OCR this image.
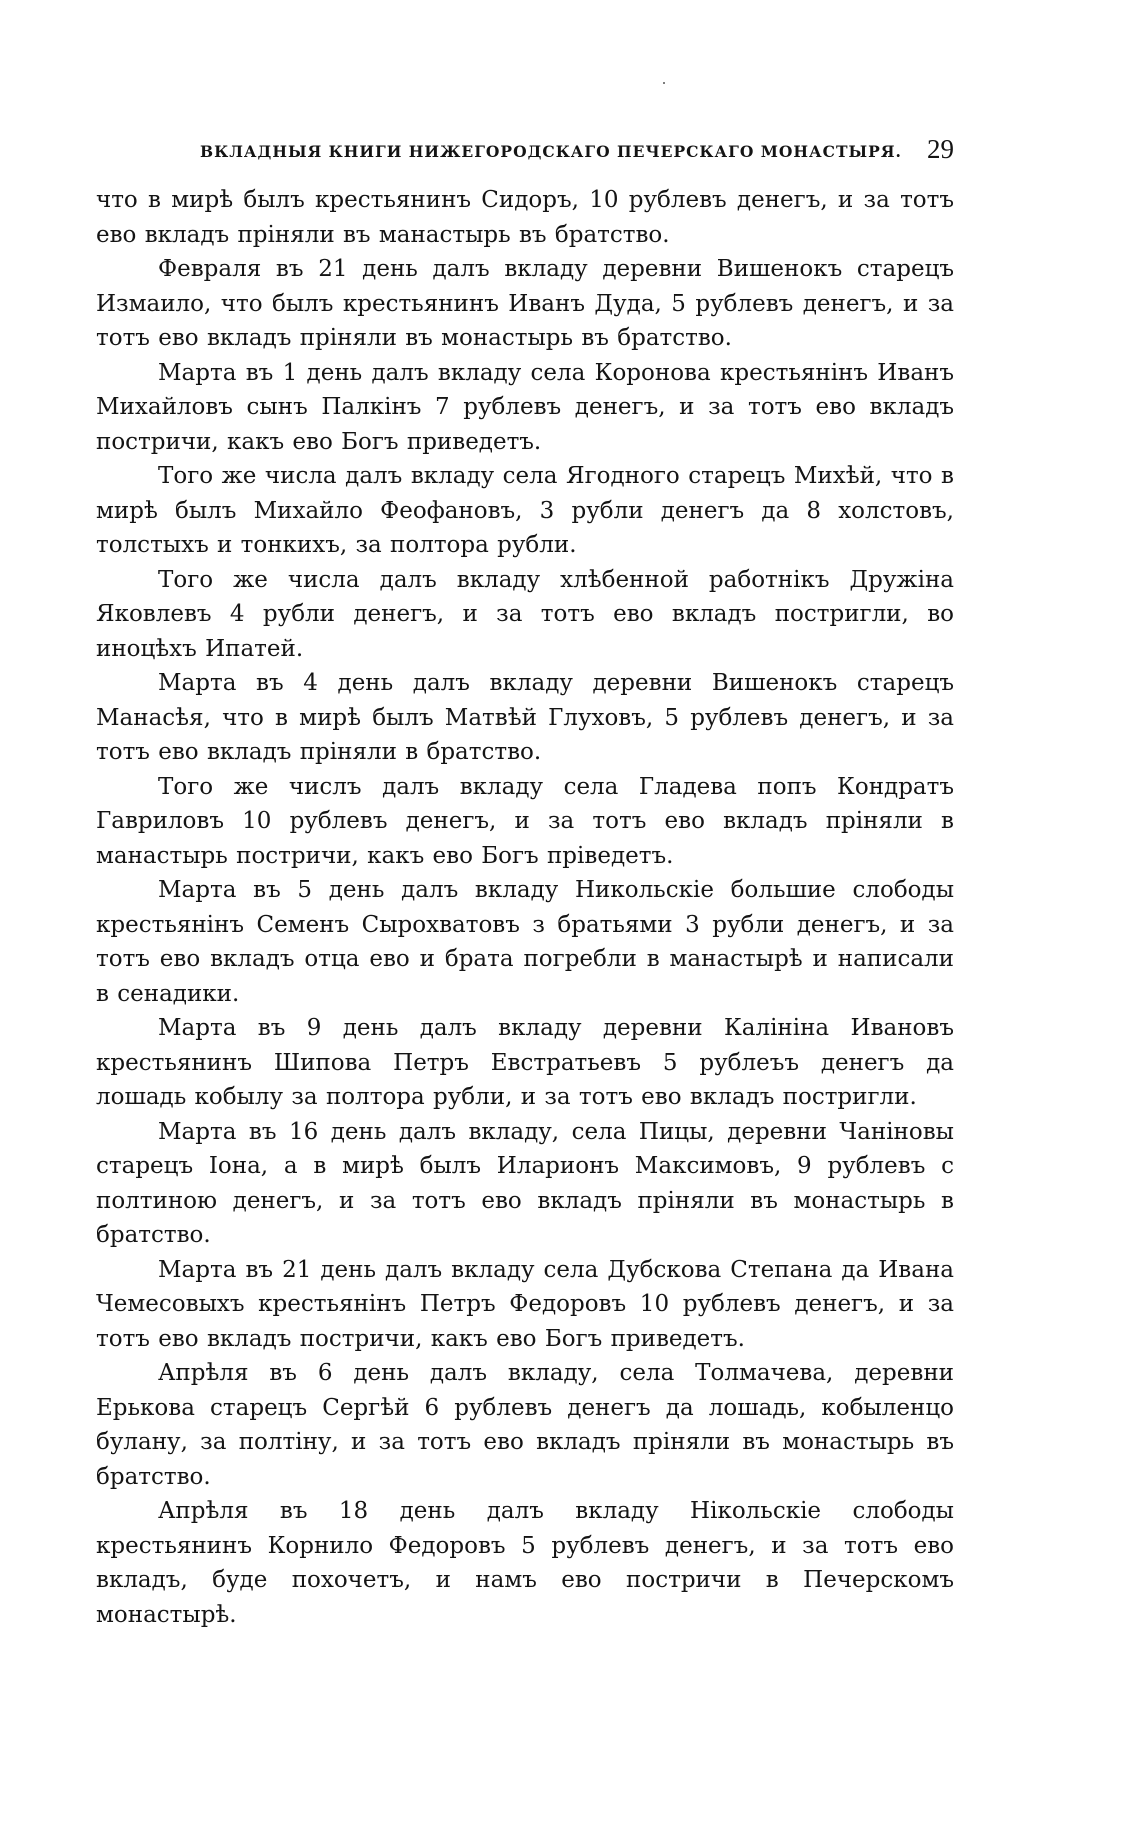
ВКЛАДНЫЯ КНИГИ НИЖЕГОРОДСКАГО ПЕЧЕРСКАГО МОНАСТЫРЯ. 29

что в мирѣ былъ крестьянинъ Сидоръ, 10 рублевъ денегъ, и за тотъ ево вкладъ пріняли въ манастырь въ братство.

Февраля въ 21 день далъ вкладу деревни Вишенокъ старецъ Измаило, что былъ крестьянинъ Иванъ Дуда, 5 рублевъ денегъ, и за тотъ ево вкладъ пріняли въ монастырь въ братство.

Марта въ 1 день далъ вкладу села Коронова крестьянінъ Иванъ Михайловъ сынъ Палкінъ 7 рублевъ денегъ, и за тотъ ево вкладъ постричи, какъ ево Богъ приведетъ.

Того же числа далъ вкладу села Ягодного старецъ Михѣй, что в мирѣ былъ Михайло Феофановъ, 3 рубли денегъ да 8 холстовъ, толстыхъ и тонкихъ, за полтора рубли.

Того же числа далъ вкладу хлѣбенной работнікъ Дружіна Яковлевъ 4 рубли денегъ, и за тотъ ево вкладъ постригли, во иноцѣхъ Ипатей.

Марта въ 4 день далъ вкладу деревни Вишенокъ старецъ Манасѣя, что в мирѣ былъ Матвѣй Глуховъ, 5 рублевъ денегъ, и за тотъ ево вкладъ пріняли в братство.

Того же числъ далъ вкладу села Гладева попъ Кондратъ Гавриловъ 10 рублевъ денегъ, и за тотъ ево вкладъ пріняли в манастырь постричи, какъ ево Богъ пріведетъ.

Марта въ 5 день далъ вкладу Никольскіе большие слободы крестьянінъ Семенъ Сырохватовъ з братьями 3 рубли денегъ, и за тотъ ево вкладъ отца ево и брата погребли в манастырѣ и написали в сенадики.

Марта въ 9 день далъ вкладу деревни Калініна Ивановъ крестьянинъ Шипова Петръ Евстратьевъ 5 рублеъъ денегъ да лошадь кобылу за полтора рубли, и за тотъ ево вкладъ постригли.

Марта въ 16 день далъ вкладу, села Пицы, деревни Чаніновы старецъ Іона, а в мирѣ былъ Иларионъ Максимовъ, 9 рублевъ с полтиною денегъ, и за тотъ ево вкладъ пріняли въ монастырь в братство.

Марта въ 21 день далъ вкладу села Дубскова Степана да Ивана Чемесовыхъ крестьянінъ Петръ Федоровъ 10 рублевъ денегъ, и за тотъ ево вкладъ постричи, какъ ево Богъ приведетъ.

Апрѣля въ 6 день далъ вкладу, села Толмачева, деревни Ерькова старецъ Сергѣй 6 рублевъ денегъ да лошадь, кобыленцо булану, за полтіну, и за тотъ ево вкладъ пріняли въ монастырь въ братство.

Апрѣля въ 18 день далъ вкладу Нікольскіе слободы крестьянинъ Корнило Федоровъ 5 рублевъ денегъ, и за тотъ ево вкладъ, буде похочетъ, и намъ ево постричи в Печерскомъ монастырѣ.
